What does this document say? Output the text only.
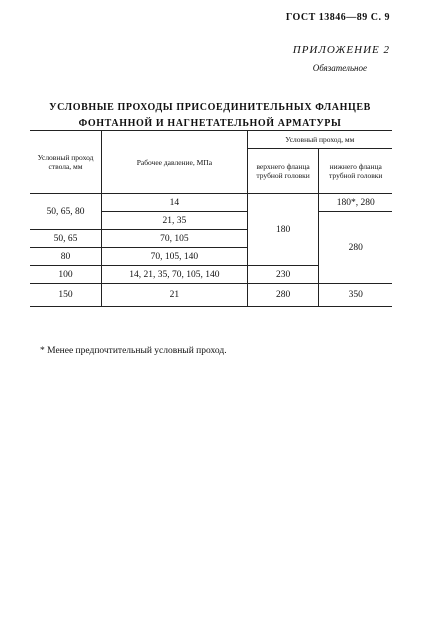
ГОСТ 13846—89 С. 9
ПРИЛОЖЕНИЕ 2
Обязательное
УСЛОВНЫЕ ПРОХОДЫ ПРИСОЕДИНИТЕЛЬНЫХ ФЛАНЦЕВ
ФОНТАННОЙ И НАГНЕТАТЕЛЬНОЙ АРМАТУРЫ
Условный проход ствола, мм	Рабочее давление, МПа	Условный проход, мм	
		верхнего фланца трубной головки	нижнего фланца трубной головки
50, 65, 80	14	180	180*, 280
	21, 35		280
50, 65	70, 105		
80	70, 105, 140		
100	14, 21, 35, 70, 105, 140	230	
150	21	280	350
* Менее предпочтительный условный проход.
